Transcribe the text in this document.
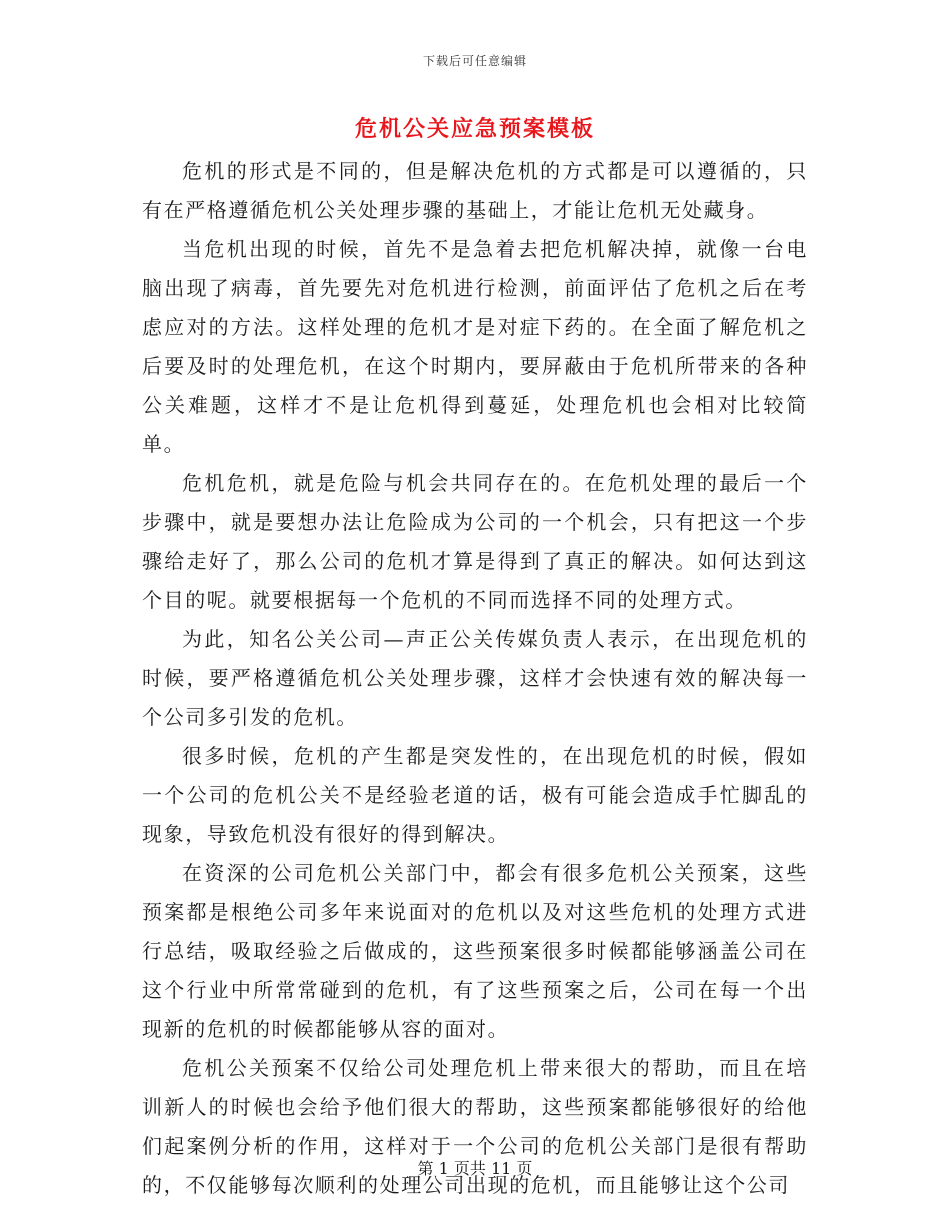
下载后可任意编辑
危机公关应急预案模板

危机的形式是不同的，但是解决危机的方式都是可以遵循的，只有在严格遵循危机公关处理步骤的基础上，才能让危机无处藏身。

当危机出现的时候，首先不是急着去把危机解决掉，就像一台电脑出现了病毒，首先要先对危机进行检测，前面评估了危机之后在考虑应对的方法。这样处理的危机才是对症下药的。在全面了解危机之后要及时的处理危机，在这个时期内，要屏蔽由于危机所带来的各种公关难题，这样才不是让危机得到蔓延，处理危机也会相对比较简单。

危机危机，就是危险与机会共同存在的。在危机处理的最后一个步骤中，就是要想办法让危险成为公司的一个机会，只有把这一个步骤给走好了，那么公司的危机才算是得到了真正的解决。如何达到这个目的呢。就要根据每一个危机的不同而选择不同的处理方式。

为此，知名公关公司—声正公关传媒负责人表示，在出现危机的时候，要严格遵循危机公关处理步骤，这样才会快速有效的解决每一个公司多引发的危机。

很多时候，危机的产生都是突发性的，在出现危机的时候，假如一个公司的危机公关不是经验老道的话，极有可能会造成手忙脚乱的现象，导致危机没有很好的得到解决。

在资深的公司危机公关部门中，都会有很多危机公关预案，这些预案都是根绝公司多年来说面对的危机以及对这些危机的处理方式进行总结，吸取经验之后做成的，这些预案很多时候都能够涵盖公司在这个行业中所常常碰到的危机，有了这些预案之后，公司在每一个出现新的危机的时候都能够从容的面对。

危机公关预案不仅给公司处理危机上带来很大的帮助，而且在培训新人的时候也会给予他们很大的帮助，这些预案都能够很好的给他们起案例分析的作用，这样对于一个公司的危机公关部门是很有帮助的，不仅能够每次顺利的处理公司出现的危机，而且能够让这个公司

第 1 页共 11 页
